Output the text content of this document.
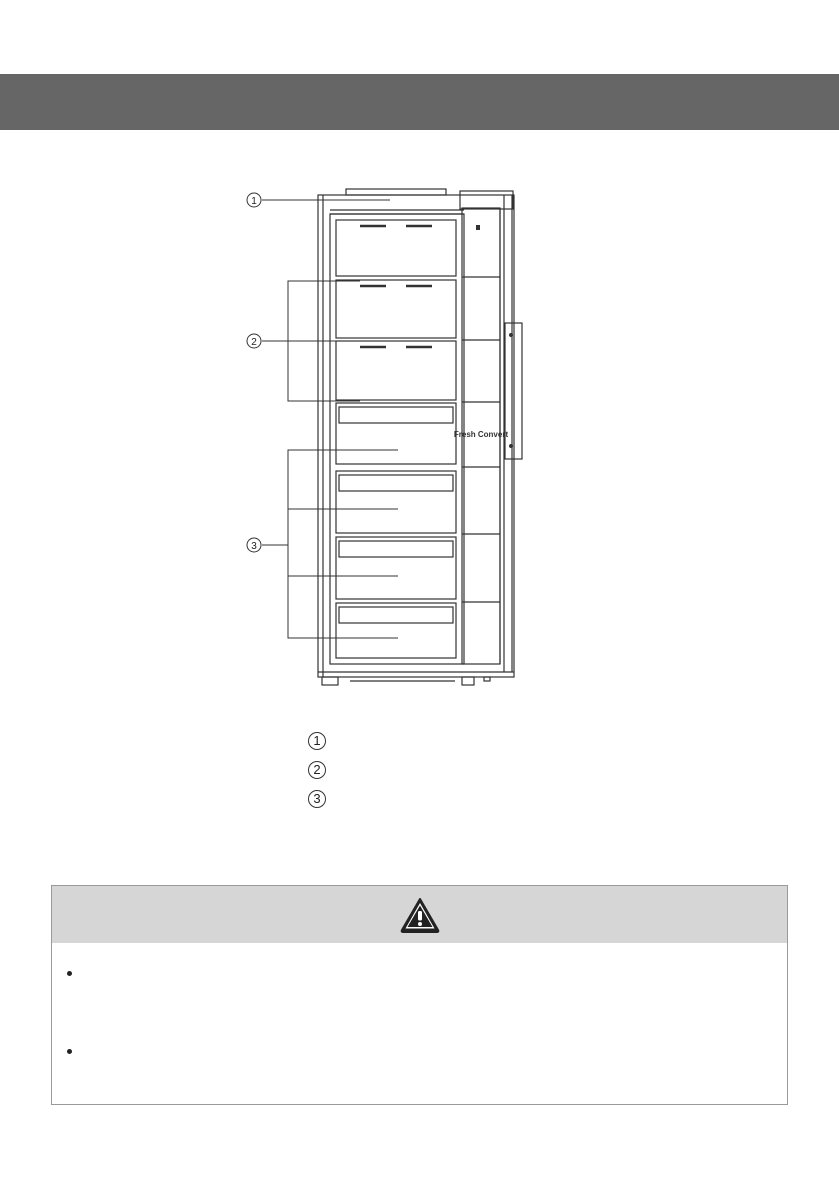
Fresh Convert
1
2
3
1
2
3
